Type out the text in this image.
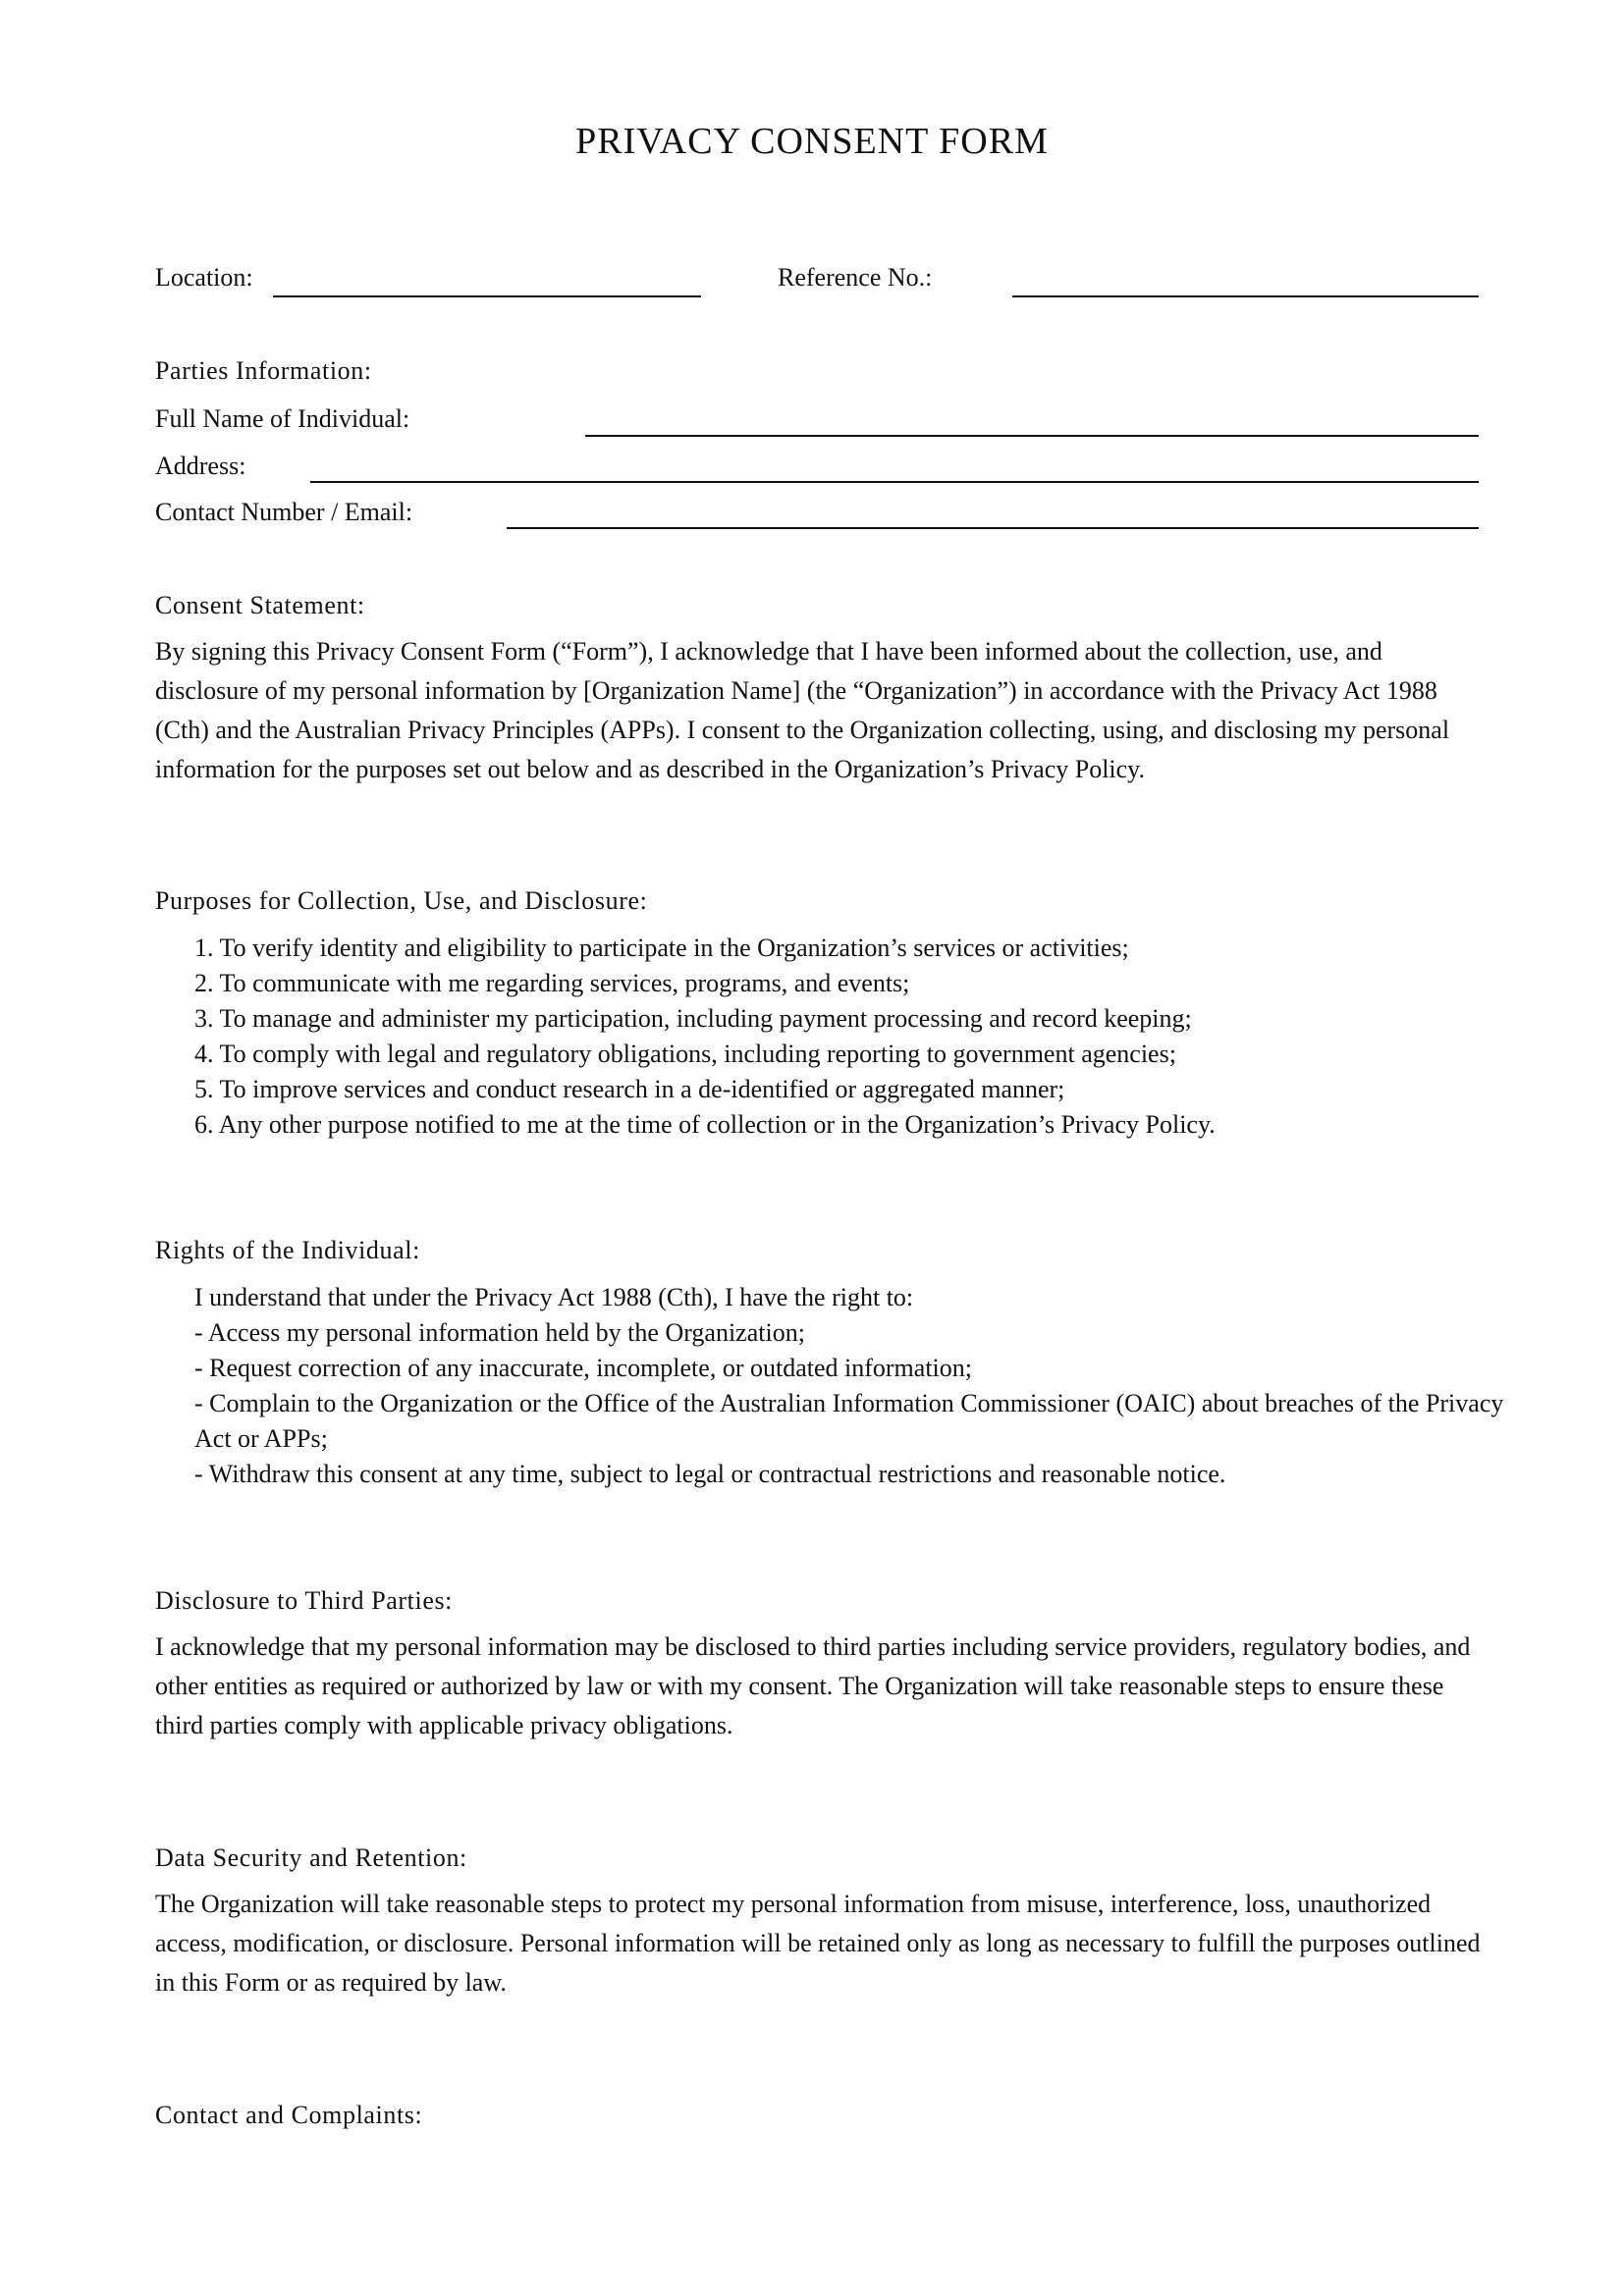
PRIVACY CONSENT FORM
Location:	Reference No.:
Parties Information:
Full Name of Individual:
Address:
Contact Number / Email:
Consent Statement:
By signing this Privacy Consent Form (“Form”), I acknowledge that I have been informed about the collection, use, and disclosure of my personal information by [Organization Name] (the “Organization”) in accordance with the Privacy Act 1988 (Cth) and the Australian Privacy Principles (APPs). I consent to the Organization collecting, using, and disclosing my personal information for the purposes set out below and as described in the Organization’s Privacy Policy.
Purposes for Collection, Use, and Disclosure:
1. To verify identity and eligibility to participate in the Organization’s services or activities;
2. To communicate with me regarding services, programs, and events;
3. To manage and administer my participation, including payment processing and record keeping;
4. To comply with legal and regulatory obligations, including reporting to government agencies;
5. To improve services and conduct research in a de-identified or aggregated manner;
6. Any other purpose notified to me at the time of collection or in the Organization’s Privacy Policy.
Rights of the Individual:
I understand that under the Privacy Act 1988 (Cth), I have the right to:
- Access my personal information held by the Organization;
- Request correction of any inaccurate, incomplete, or outdated information;
- Complain to the Organization or the Office of the Australian Information Commissioner (OAIC) about breaches of the Privacy Act or APPs;
- Withdraw this consent at any time, subject to legal or contractual restrictions and reasonable notice.
Disclosure to Third Parties:
I acknowledge that my personal information may be disclosed to third parties including service providers, regulatory bodies, and other entities as required or authorized by law or with my consent. The Organization will take reasonable steps to ensure these third parties comply with applicable privacy obligations.
Data Security and Retention:
The Organization will take reasonable steps to protect my personal information from misuse, interference, loss, unauthorized access, modification, or disclosure. Personal information will be retained only as long as necessary to fulfill the purposes outlined in this Form or as required by law.
Contact and Complaints:
